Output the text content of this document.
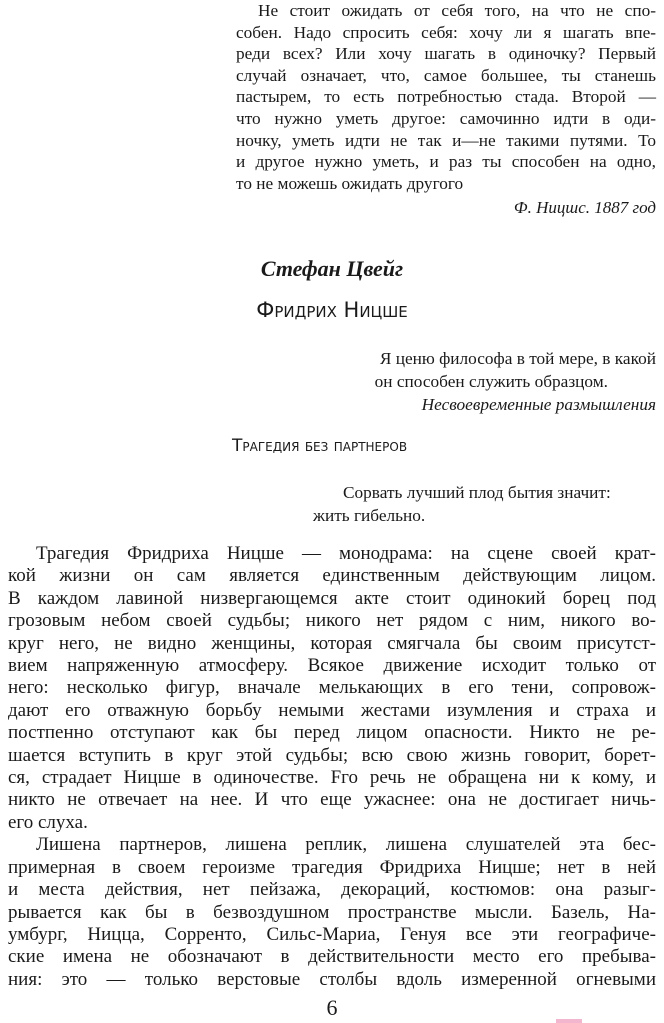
Не стоит ожидать от себя того, на что не спо-
собен. Надо спросить себя: хочу ли я шагать впе-
реди всех? Или хочу шагать в одиночку? Первый
случай означает, что, самое большее, ты станешь
пастырем, то есть потребностью стада. Второй —
что нужно уметь другое: самочинно идти в оди-
ночку, уметь идти не так и—не такими путями. То
и другое нужно уметь, и раз ты способен на одно,
то не можешь ожидать другого
Ф. Ницшс. 1887 год
Стефан Цвейг
Фридрих Ницше
Я ценю философа в той мере, в какой
он способен служить образцом.
Несвоевременные размышления
Трагедия без партнеров
Сорвать лучший плод бытия значит:
жить гибельно.
Трагедия Фридриха Ницше — монодрама: на сцене своей крат-
кой жизни он сам является единственным действующим лицом.
В каждом лавиной низвергающемся акте стоит одинокий борец под
грозовым небом своей судьбы; никого нет рядом с ним, никого во-
круг него, не видно женщины, которая смягчала бы своим присутст-
вием напряженную атмосферу. Всякое движение исходит только от
него: несколько фигур, вначале мелькающих в его тени, сопровож-
дают его отважную борьбу немыми жестами изумления и страха и
постпенно отступают как бы перед лицом опасности. Никто не ре-
шается вступить в круг этой судьбы; всю свою жизнь говорит, борет-
ся, страдает Ницше в одиночестве. Fго речь не обращена ни к кому, и
никто не отвечает на нее. И что еще ужаснее: она не достигает ничь-
его слуха.
Лишена партнеров, лишена реплик, лишена слушателей эта бес-
примерная в своем героизме трагедия Фридриха Ницше; нет в ней
и места действия, нет пейзажа, декораций, костюмов: она разыг-
рывается как бы в безвоздушном пространстве мысли. Базель, На-
умбург, Ницца, Сорренто, Сильс-Мариа, Генуя все эти географиче-
ские имена не обозначают в действительности место его пребыва-
ния: это — только верстовые столбы вдоль измеренной огневыми
6
